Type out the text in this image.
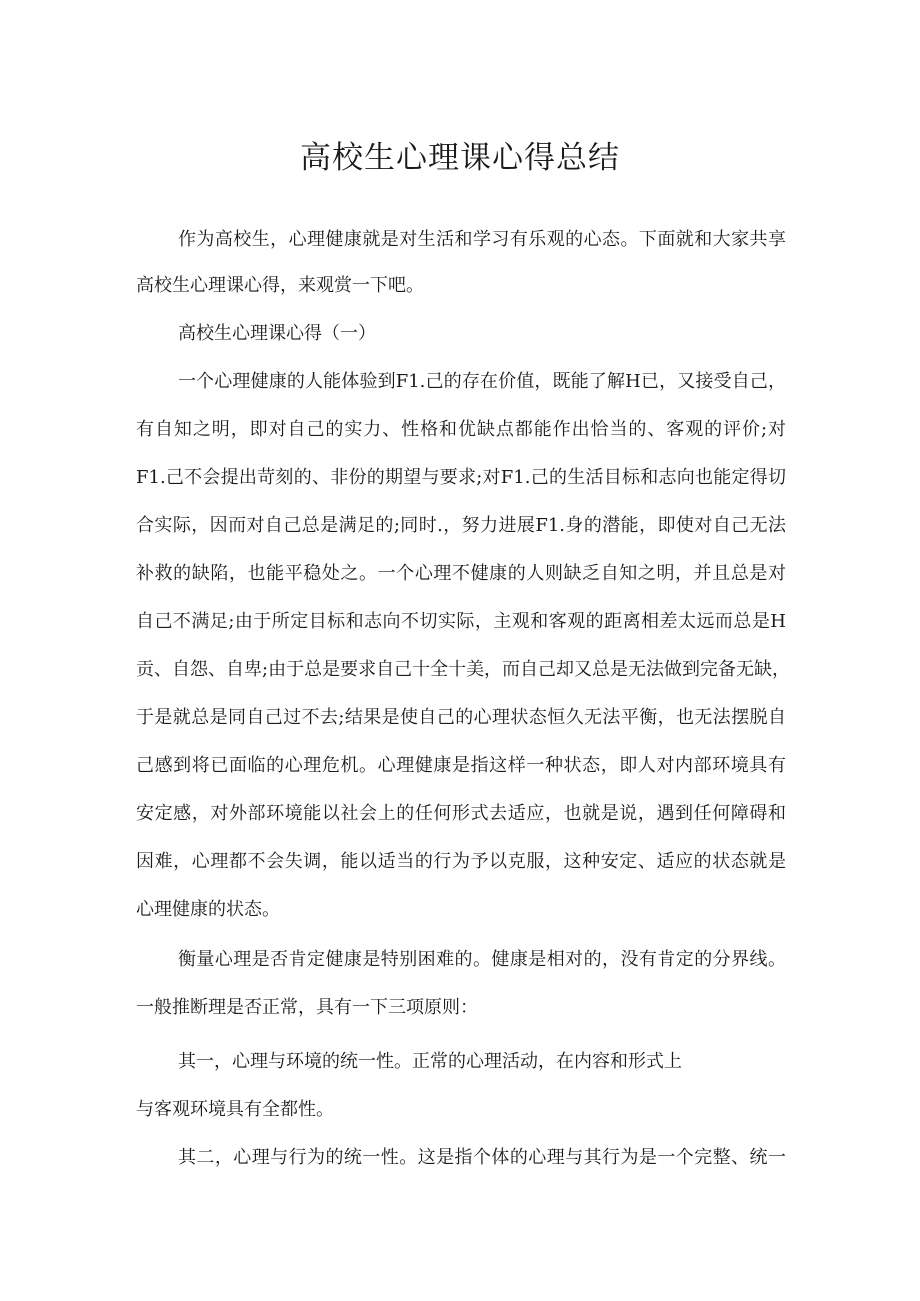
高校生心理课心得总结

作为高校生，心理健康就是对生活和学习有乐观的心态。下面就和大家共享

高校生心理课心得，来观赏一下吧。

高校生心理课心得（一）

一个心理健康的人能体验到F1.己的存在价值，既能了解H已，又接受自己，

有自知之明，即对自己的实力、性格和优缺点都能作出恰当的、客观的评价;对

F1.己不会提出苛刻的、非份的期望与要求;对F1.己的生活目标和志向也能定得切

合实际，因而对自己总是满足的;同时.，努力进展F1.身的潜能，即使对自己无法

补救的缺陷，也能平稳处之。一个心理不健康的人则缺乏自知之明，并且总是对

自己不满足;由于所定目标和志向不切实际，主观和客观的距离相差太远而总是H

贡、自怨、自卑;由于总是要求自己十全十美，而自己却又总是无法做到完备无缺，

于是就总是同自己过不去;结果是使自己的心理状态恒久无法平衡，也无法摆脱自

己感到将已面临的心理危机。心理健康是指这样一种状态，即人对内部环境具有

安定感，对外部环境能以社会上的任何形式去适应，也就是说，遇到任何障碍和

因难，心理都不会失调，能以适当的行为予以克服，这种安定、适应的状态就是

心理健康的状态。

衡量心理是否肯定健康是特别困难的。健康是相对的，没有肯定的分界线。

一般推断理是否正常，具有一下三项原则：

其一，心理与环境的统一性。正常的心理活动，在内容和形式上

与客观环境具有全都性。

其二，心理与行为的统一性。这是指个体的心理与其行为是一个完整、统一
